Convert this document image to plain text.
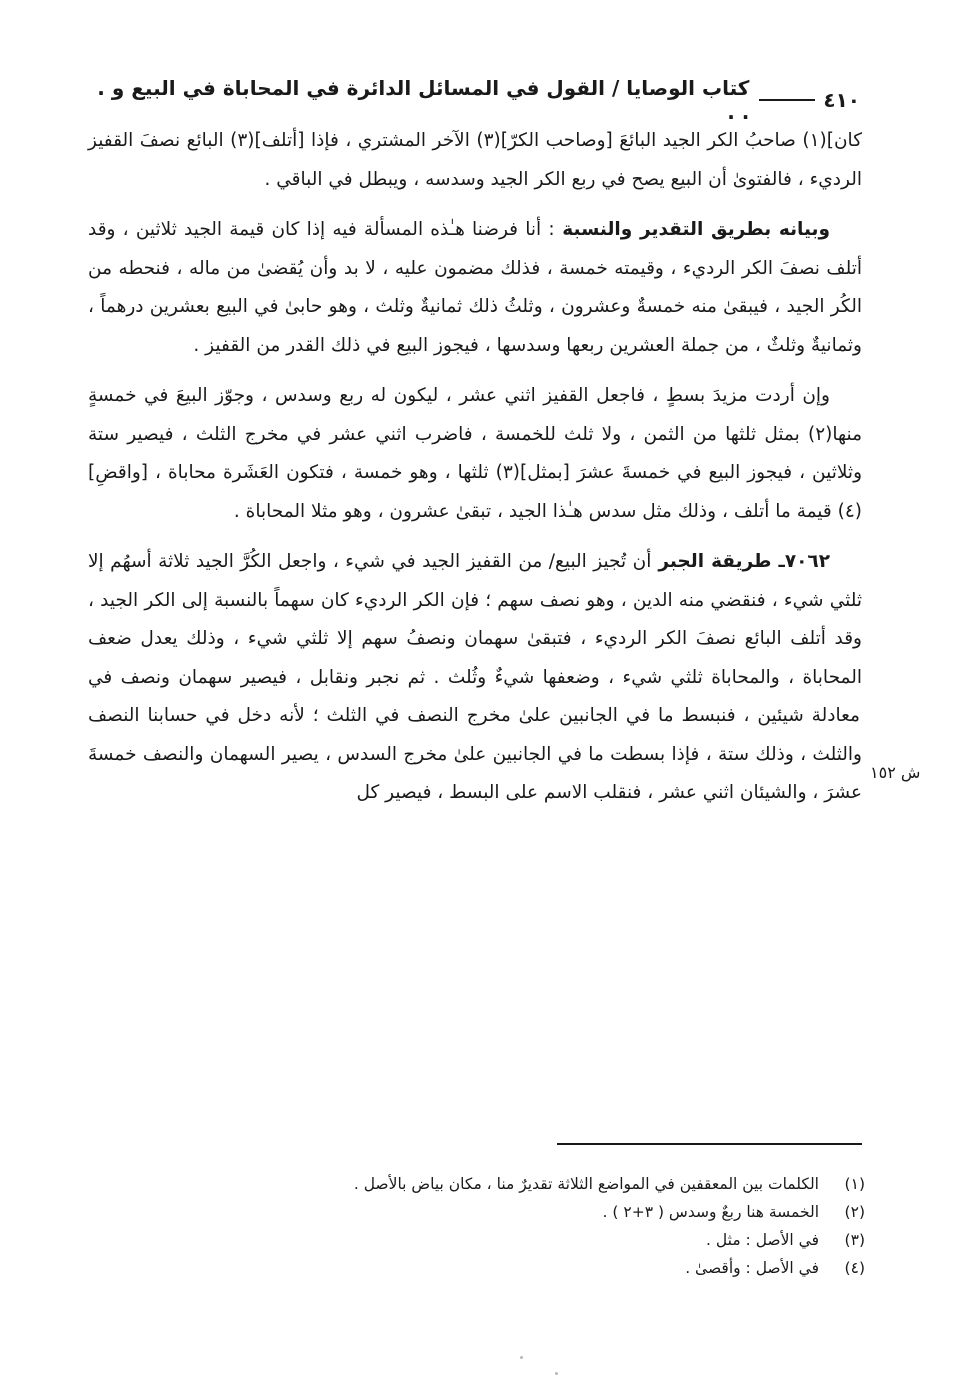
٤١٠
كتاب الوصايا / القول في المسائل الدائرة في المحاباة في البيع و . . .
ش ١٥٢

كان](١) صاحبُ الكر الجيد البائعَ [وصاحب الكرّ](٣) الآخر المشتري ، فإذا [أتلف](٣) البائع نصفَ القفيز الرديء ، فالفتوىٰ أن البيع يصح في ربع الكر الجيد وسدسه ، ويبطل في الباقي .

وبيانه بطريق التقدير والنسبة : أنا فرضنا هـٰذه المسألة فيه إذا كان قيمة الجيد ثلاثين ، وقد أتلف نصفَ الكر الرديء ، وقيمته خمسة ، فذلك مضمون عليه ، لا بد وأن يُقضىٰ من ماله ، فنحطه من الكُر الجيد ، فيبقىٰ منه خمسةٌ وعشرون ، وثلثُ ذلك ثمانيةٌ وثلث ، وهو حابىٰ في البيع بعشرين درهماً ، وثمانيةٌ وثلثٌ ، من جملة العشرين ربعها وسدسها ، فيجوز البيع في ذلك القدر من القفيز .

وإن أردت مزيدَ بسطٍ ، فاجعل القفيز اثني عشر ، ليكون له ربع وسدس ، وجوّز البيعَ في خمسةٍ منها(٢) بمثل ثلثها من الثمن ، ولا ثلث للخمسة ، فاضرب اثني عشر في مخرج الثلث ، فيصير ستة وثلاثين ، فيجوز البيع في خمسةَ عشرَ [بمثل](٣) ثلثها ، وهو خمسة ، فتكون العَشَرة محاباة ، [واقضِ](٤) قيمة ما أتلف ، وذلك مثل سدس هـٰذا الجيد ، تبقىٰ عشرون ، وهو مثلا المحاباة .

٧٠٦٢ـ طريقة الجبر أن تُجيز البيع/ من القفيز الجيد في شيء ، واجعل الكُرَّ الجيد ثلاثة أسهُم إلا ثلثي شيء ، فنقضي منه الدين ، وهو نصف سهم ؛ فإن الكر الرديء كان سهماً بالنسبة إلى الكر الجيد ، وقد أتلف البائع نصفَ الكر الرديء ، فتبقىٰ سهمان ونصفُ سهم إلا ثلثي شيء ، وذلك يعدل ضعف المحاباة ، والمحاباة ثلثي شيء ، وضعفها شيءٌ وثُلث . ثم نجبر ونقابل ، فيصير سهمان ونصف في معادلة شيئين ، فنبسط ما في الجانبين علىٰ مخرج النصف في الثلث ؛ لأنه دخل في حسابنا النصف والثلث ، وذلك ستة ، فإذا بسطت ما في الجانبين علىٰ مخرج السدس ، يصير السهمان والنصف خمسةَ عشرَ ، والشيئان اثني عشر ، فنقلب الاسم على البسط ، فيصير كل

(١)
الكلمات بين المعقفين في المواضع الثلاثة تقديرٌ منا ، مكان بياض بالأصل .
(٢)
الخمسة هنا ربعٌ وسدس ( ٣+٢ ) .
(٣)
في الأصل : مثل .
(٤)
في الأصل : وأقصىٰ .
